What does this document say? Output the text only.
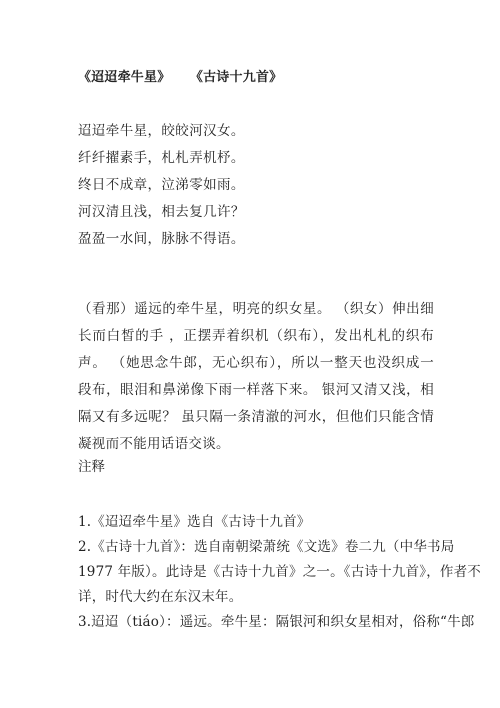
《迢迢牵牛星》 《古诗十九首》
迢迢牵牛星，皎皎河汉女。
纤纤擢素手，札札弄机杼。
终日不成章，泣涕零如雨。
河汉清且浅，相去复几许？
盈盈一水间，脉脉不得语。
（看那）遥远的牵牛星，明亮的织女星。 （织女）伸出细长而白皙的手 ，正摆弄着织机（织布），发出札札的织布声。 （她思念牛郎，无心织布），所以一整天也没织成一段布，眼泪和鼻涕像下雨一样落下来。 银河又清又浅，相隔又有多远呢？ 虽只隔一条清澈的河水，但他们只能含情凝视而不能用话语交谈。
注释
1.《迢迢牵牛星》选自《古诗十九首》
2.《古诗十九首》：选自南朝梁萧统《文选》卷二九（中华书局
1977 年版）。此诗是《古诗十九首》之一。《古诗十九首》，作者不
详，时代大约在东汉末年。
3.迢迢（tiáo）：遥远。牵牛星：隔银河和织女星相对，俗称“牛郎
